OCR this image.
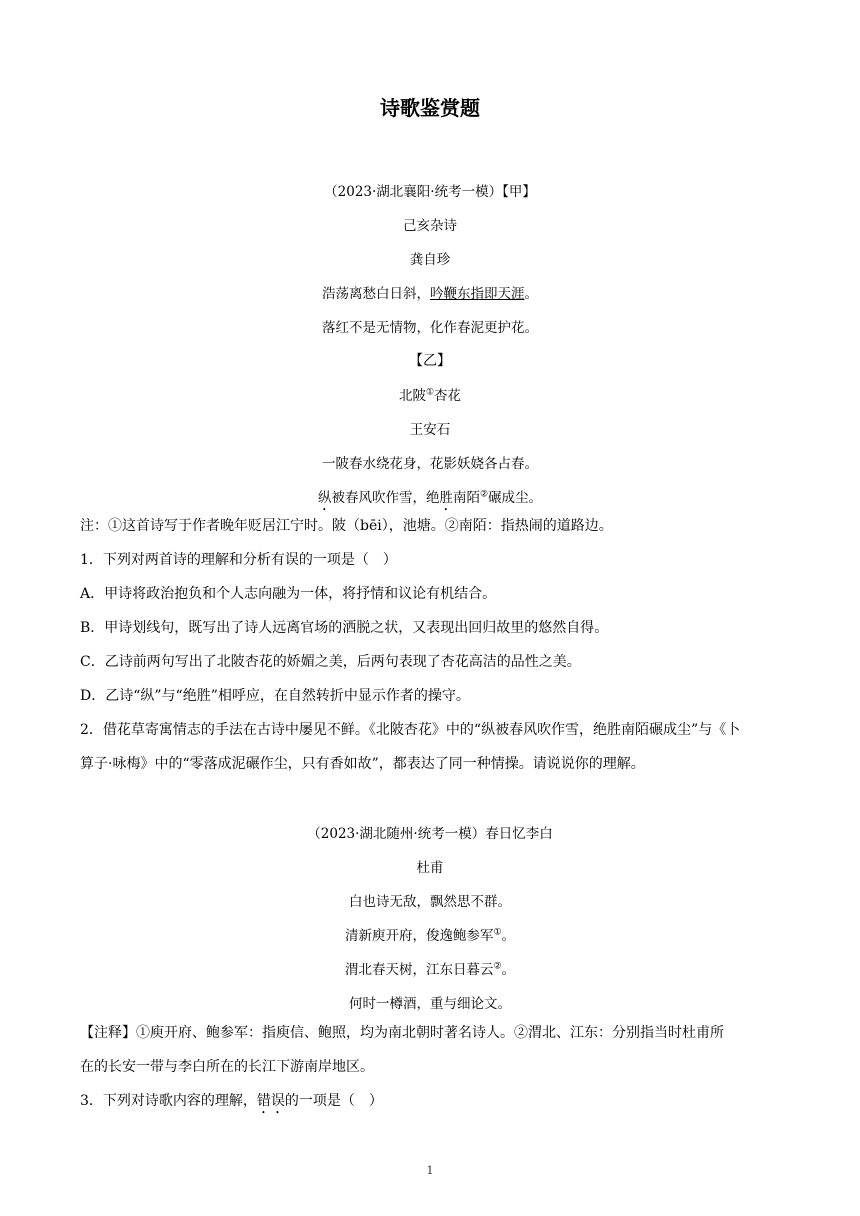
诗歌鉴赏题
（2023·湖北襄阳·统考一模）【甲】
己亥杂诗
龚自珍
浩荡离愁白日斜，吟鞭东指即天涯。
落红不是无情物，化作春泥更护花。
【乙】
北陂①杏花
王安石
一陂春水绕花身，花影妖娆各占春。
纵被春风吹作雪，绝胜南陌②碾成尘。
注：①这首诗写于作者晚年贬居江宁时。陂（bēi），池塘。②南陌：指热闹的道路边。
1．下列对两首诗的理解和分析有误的一项是（　）
A．甲诗将政治抱负和个人志向融为一体，将抒情和议论有机结合。
B．甲诗划线句，既写出了诗人远离官场的洒脱之状，又表现出回归故里的悠然自得。
C．乙诗前两句写出了北陂杏花的娇媚之美，后两句表现了杏花高洁的品性之美。
D．乙诗“纵”与“绝胜”相呼应，在自然转折中显示作者的操守。
2．借花草寄寓情志的手法在古诗中屡见不鲜。《北陂杏花》中的“纵被春风吹作雪，绝胜南陌碾成尘”与《卜
算子·咏梅》中的“零落成泥碾作尘，只有香如故”，都表达了同一种情操。请说说你的理解。
（2023·湖北随州·统考一模）春日忆李白
杜甫
白也诗无敌，飘然思不群。
清新庾开府，俊逸鲍参军①。
渭北春天树，江东日暮云②。
何时一樽酒，重与细论文。
【注释】①庾开府、鲍参军：指庾信、鲍照，均为南北朝时著名诗人。②渭北、江东：分别指当时杜甫所
在的长安一带与李白所在的长江下游南岸地区。
3．下列对诗歌内容的理解，错误的一项是（　）
1
